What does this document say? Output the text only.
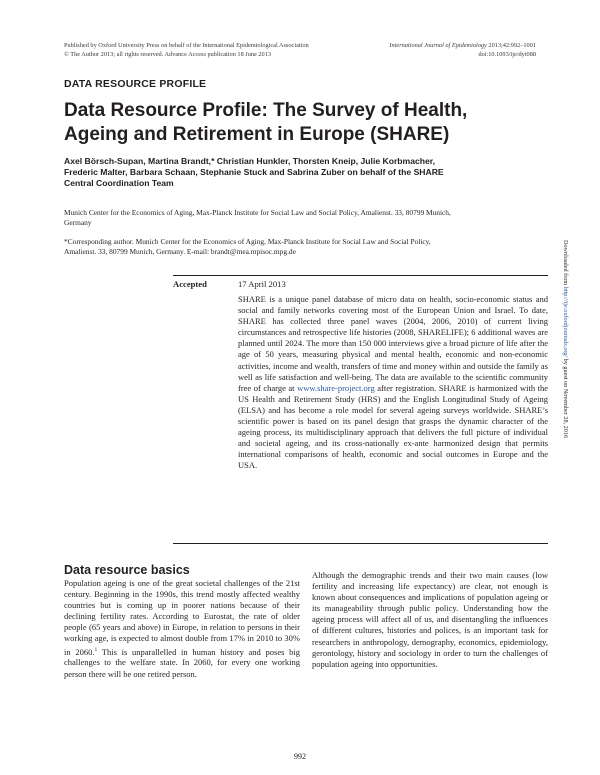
Published by Oxford University Press on behalf of the International Epidemiological Association
© The Author 2013; all rights reserved. Advance Access publication 18 June 2013
International Journal of Epidemiology 2013;42:992–1001
doi:10.1093/ije/dyt088
DATA RESOURCE PROFILE
Data Resource Profile: The Survey of Health,
Ageing and Retirement in Europe (SHARE)

Axel Börsch-Supan, Martina Brandt,* Christian Hunkler, Thorsten Kneip, Julie Korbmacher,
Frederic Malter, Barbara Schaan, Stephanie Stuck and Sabrina Zuber on behalf of the SHARE
Central Coordination Team

Munich Center for the Economics of Aging, Max-Planck Institute for Social Law and Social Policy, Amalienst. 33, 80799 Munich,
Germany

*Corresponding author. Munich Center for the Economics of Aging, Max-Planck Institute for Social Law and Social Policy,
Amalienst. 33, 80799 Munich, Germany. E-mail: brandt@mea.mpisoc.mpg.de

Accepted	17 April 2013

SHARE is a unique panel database of micro data on health, socio-economic status and social and family networks covering most of the European Union and Israel. To date, SHARE has collected three panel waves (2004, 2006, 2010) of current living circumstances and retrospective life histories (2008, SHARELIFE); 6 additional waves are planned until 2024. The more than 150 000 interviews give a broad picture of life after the age of 50 years, measuring physical and mental health, economic and non-economic activities, income and wealth, transfers of time and money within and outside the family as well as life satisfaction and well-being. The data are available to the scientific community free of charge at www.share-project.org after registration. SHARE is harmonized with the US Health and Retirement Study (HRS) and the English Longitudinal Study of Ageing (ELSA) and has become a role model for several ageing surveys worldwide. SHARE’s scientific power is based on its panel design that grasps the dynamic character of the ageing process, its multidisciplinary approach that delivers the full picture of individual and societal ageing, and its cross-nationally ex-ante harmonized design that permits international comparisons of health, economic and social outcomes in Europe and the USA.

Downloaded from http://ije.oxfordjournals.org/ by guest on November 28, 2016
Data resource basics

Population ageing is one of the great societal challenges of the 21st century. Beginning in the 1990s, this trend mostly affected wealthy countries but is coming up in poorer nations because of their declining fertility rates. According to Eurostat, the rate of older people (65 years and above) in Europe, in relation to persons in their working age, is expected to almost double from 17% in 2010 to 30% in 2060.$^1$ This is unparallelled in human history and poses big challenges to the welfare state. In 2060, for every one working person there will be one retired person.

Although the demographic trends and their two main causes (low fertility and increasing life expectancy) are clear, not enough is known about consequences and implications of population ageing or its manageability through public policy. Understanding how the ageing process will affect all of us, and disentangling the influences of different cultures, histories and polices, is an important task for researchers in anthropology, demography, economics, epidemiology, gerontology, history and sociology in order to turn the challenges of population ageing into opportunities.

992
